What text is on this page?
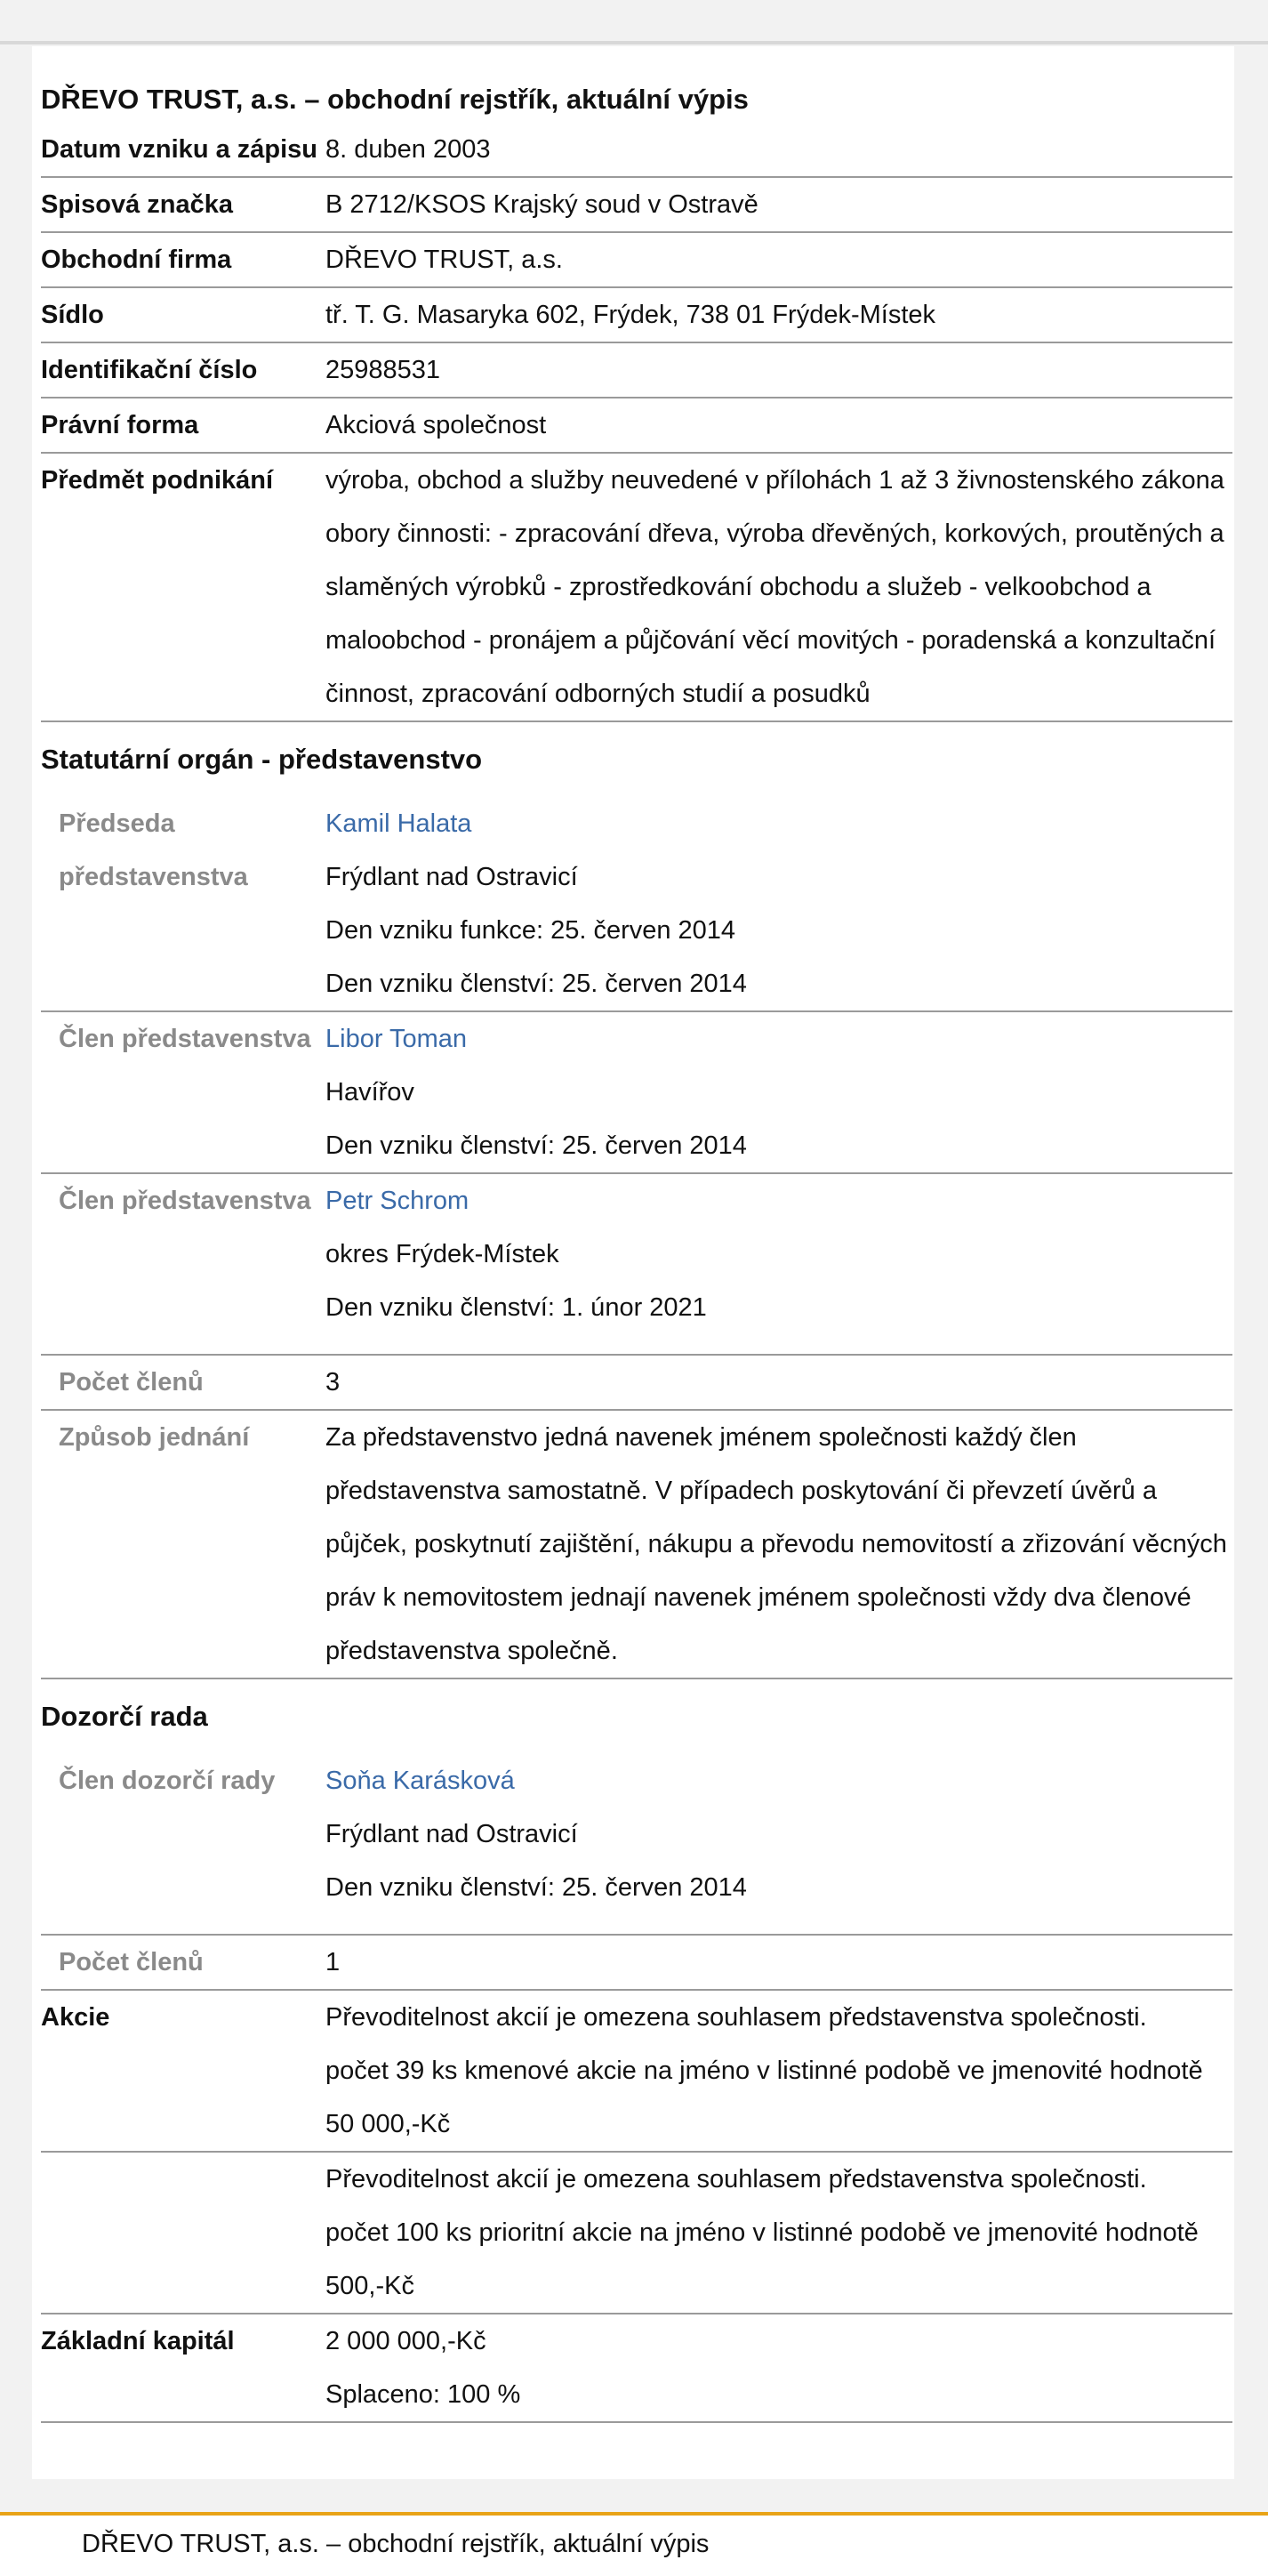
DŘEVO TRUST, a.s. – obchodní rejstřík, aktuální výpis
Datum vzniku a zápisu	8. duben 2003
Spisová značka	B 2712/KSOS Krajský soud v Ostravě
Obchodní firma	DŘEVO TRUST, a.s.
Sídlo	tř. T. G. Masaryka 602, Frýdek, 738 01 Frýdek-Místek
Identifikační číslo	25988531
Právní forma	Akciová společnost
Předmět podnikání	výroba, obchod a služby neuvedené v přílohách 1 až 3 živnostenského zákona obory činnosti: - zpracování dřeva, výroba dřevěných, korkových, proutěných a slaměných výrobků - zprostředkování obchodu a služeb - velkoobchod a maloobchod - pronájem a půjčování věcí movitých - poradenská a konzultační činnost, zpracování odborných studií a posudků
Statutární orgán - představenstvo	
Předseda představenstva	Kamil Halata
Frýdlant nad Ostravicí
Den vzniku funkce: 25. červen 2014
Den vzniku členství: 25. červen 2014

Člen představenstva	Libor Toman
Havířov
Den vzniku členství: 25. červen 2014

Člen představenstva	Petr Schrom
okres Frýdek-Místek
Den vzniku členství: 1. únor 2021

Počet členů	3
Způsob jednání	Za představenstvo jedná navenek jménem společnosti každý člen představenstva samostatně. V případech poskytování či převzetí úvěrů a půjček, poskytnutí zajištění, nákupu a převodu nemovitostí a zřizování věcných práv k nemovitostem jednají navenek jménem společnosti vždy dva členové představenstva společně.
Dozorčí rada	
Člen dozorčí rady	Soňa Karásková
Frýdlant nad Ostravicí
Den vzniku členství: 25. červen 2014

Počet členů	1
Akcie	Převoditelnost akcií je omezena souhlasem představenstva společnosti.
počet 39 ks kmenové akcie na jméno v listinné podobě ve jmenovité hodnotě 50 000,-Kč

	Převoditelnost akcií je omezena souhlasem představenstva společnosti.
počet 100 ks prioritní akcie na jméno v listinné podobě ve jmenovité hodnotě 500,-Kč

Základní kapitál	2 000 000,-Kč
Splaceno: 100 %
DŘEVO TRUST, a.s. – obchodní rejstřík, aktuální výpis
